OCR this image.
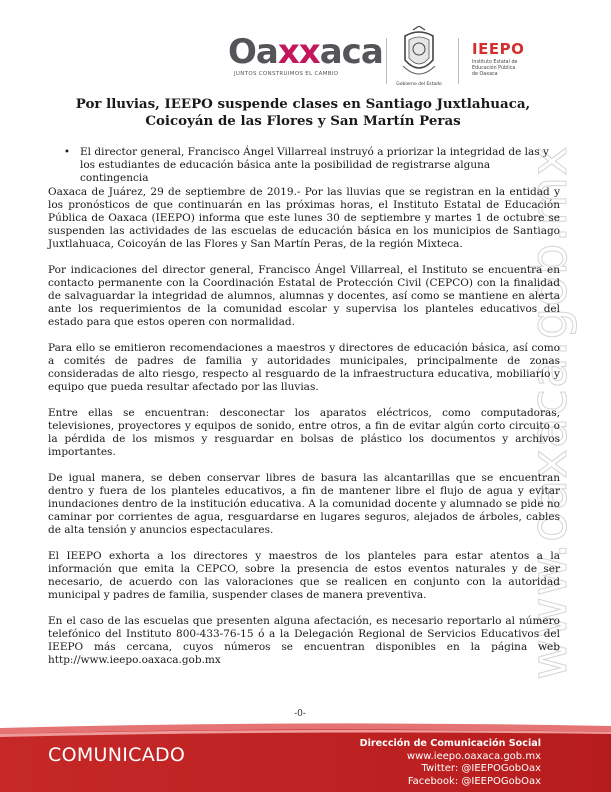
Oaxxaca
JUNTOS CONSTRUIMOS EL CAMBIO
Gobierno del Estado
IEEPO
Instituto Estatal de
Educación Pública
de Oaxaca
www.oaxaca.gob.mx
Por lluvias, IEEPO suspende clases en Santiago Juxtlahuaca, Coicoyán de las Flores y San Martín Peras
• El director general, Francisco Ángel Villarreal instruyó a priorizar la integridad de las y los estudiantes de educación básica ante la posibilidad de registrarse alguna contingencia

Oaxaca de Juárez, 29 de septiembre de 2019.- Por las lluvias que se registran en la entidad y los pronósticos de que continuarán en las próximas horas, el Instituto Estatal de Educación Pública de Oaxaca (IEEPO) informa que este lunes 30 de septiembre y martes 1 de octubre se suspenden las actividades de las escuelas de educación básica en los municipios de Santiago Juxtlahuaca, Coicoyán de las Flores y San Martín Peras, de la región Mixteca.

Por indicaciones del director general, Francisco Ángel Villarreal, el Instituto se encuentra en contacto permanente con la Coordinación Estatal de Protección Civil (CEPCO) con la finalidad de salvaguardar la integridad de alumnos, alumnas y docentes, así como se mantiene en alerta ante los requerimientos de la comunidad escolar y supervisa los planteles educativos del estado para que estos operen con normalidad.

Para ello se emitieron recomendaciones a maestros y directores de educación básica, así como a comités de padres de familia y autoridades municipales, principalmente de zonas consideradas de alto riesgo, respecto al resguardo de la infraestructura educativa, mobiliario y equipo que pueda resultar afectado por las lluvias.

Entre ellas se encuentran: desconectar los aparatos eléctricos, como computadoras, televisiones, proyectores y equipos de sonido, entre otros, a fin de evitar algún corto circuito o la pérdida de los mismos y resguardar en bolsas de plástico los documentos y archivos importantes.

De igual manera, se deben conservar libres de basura las alcantarillas que se encuentran dentro y fuera de los planteles educativos, a fin de mantener libre el flujo de agua y evitar inundaciones dentro de la institución educativa. A la comunidad docente y alumnado se pide no caminar por corrientes de agua, resguardarse en lugares seguros, alejados de árboles, cables de alta tensión y anuncios espectaculares.

El IEEPO exhorta a los directores y maestros de los planteles para estar atentos a la información que emita la CEPCO, sobre la presencia de estos eventos naturales y de ser necesario, de acuerdo con las valoraciones que se realicen en conjunto con la autoridad municipal y padres de familia, suspender clases de manera preventiva.

En el caso de las escuelas que presenten alguna afectación, es necesario reportarlo al número telefónico del Instituto 800-433-76-15 ó a la Delegación Regional de Servicios Educativos del IEEPO más cercana, cuyos números se encuentran disponibles en la página web http://www.ieepo.oaxaca.gob.mx

-0-
COMUNICADO
Dirección de Comunicación Social
www.ieepo.oaxaca.gob.mx
Twitter: @IEEPOGobOax
Facebook: @IEEPOGobOax
